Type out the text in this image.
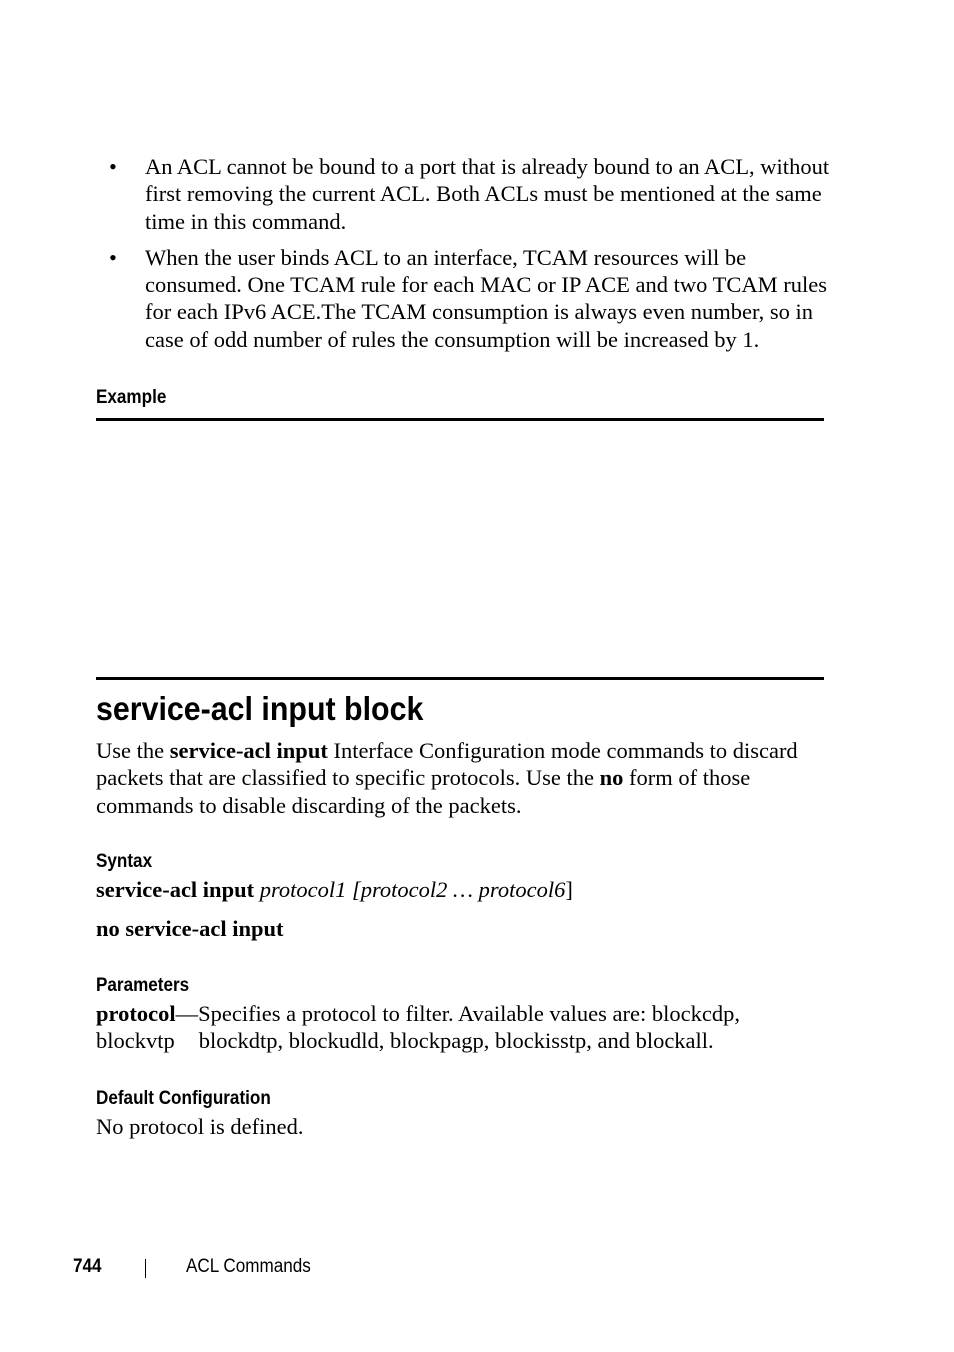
• An ACL cannot be bound to a port that is already bound to an ACL, without first removing the current ACL. Both ACLs must be mentioned at the same time in this command.
• When the user binds ACL to an interface, TCAM resources will be consumed. One TCAM rule for each MAC or IP ACE and two TCAM rules for each IPv6 ACE.The TCAM consumption is always even number, so in case of odd number of rules the consumption will be increased by 1.
Example
service-acl input block
Use the service-acl input Interface Configuration mode commands to discard packets that are classified to specific protocols. Use the no form of those commands to disable discarding of the packets.
Syntax
service-acl input protocol1 [protocol2 … protocol6]
no service-acl input
Parameters
protocol—Specifies a protocol to filter. Available values are: blockcdp,
blockvtp blockdtp, blockudld, blockpagp, blockisstp, and blockall.
Default Configuration
No protocol is defined.
744	ACL Commands
